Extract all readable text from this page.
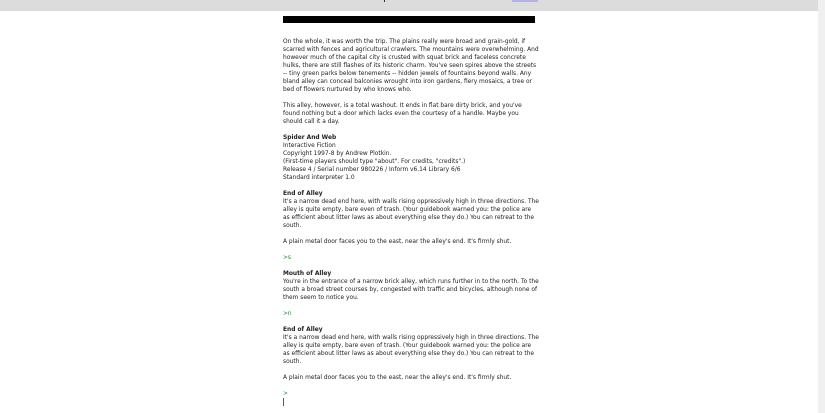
End of Alley

On the whole, it was worth the trip. The plains really were broad and grain-gold, if scarred with fences and agricultural crawlers. The mountains were overwhelming. And however much of the capital city is crusted with squat brick and faceless concrete hulks, there are still flashes of its historic charm. You've seen spires above the streets -- tiny green parks below tenements -- hidden jewels of fountains beyond walls. Any bland alley can conceal balconies wrought into iron gardens, fiery mosaics, a tree or bed of flowers nurtured by who knows who.

This alley, however, is a total washout. It ends in flat bare dirty brick, and you've found nothing but a door which lacks even the courtesy of a handle. Maybe you should call it a day.

Spider And Web
Interactive Fiction
Copyright 1997-8 by Andrew Plotkin.
(First-time players should type "about". For credits, "credits".)
Release 4 / Serial number 980226 / Inform v6.14 Library 6/6
Standard interpreter 1.0

End of Alley
It's a narrow dead end here, with walls rising oppressively high in three directions. The alley is quite empty, bare even of trash. (Your guidebook warned you: the police are as efficient about litter laws as about everything else they do.) You can retreat to the south.

A plain metal door faces you to the east, near the alley's end. It's firmly shut.

>s

Mouth of Alley
You're in the entrance of a narrow brick alley, which runs further in to the north. To the south a broad street courses by, congested with traffic and bicycles, although none of them seem to notice you.

>n

End of Alley
It's a narrow dead end here, with walls rising oppressively high in three directions. The alley is quite empty, bare even of trash. (Your guidebook warned you: the police are as efficient about litter laws as about everything else they do.) You can retreat to the south.

A plain metal door faces you to the east, near the alley's end. It's firmly shut.

>
